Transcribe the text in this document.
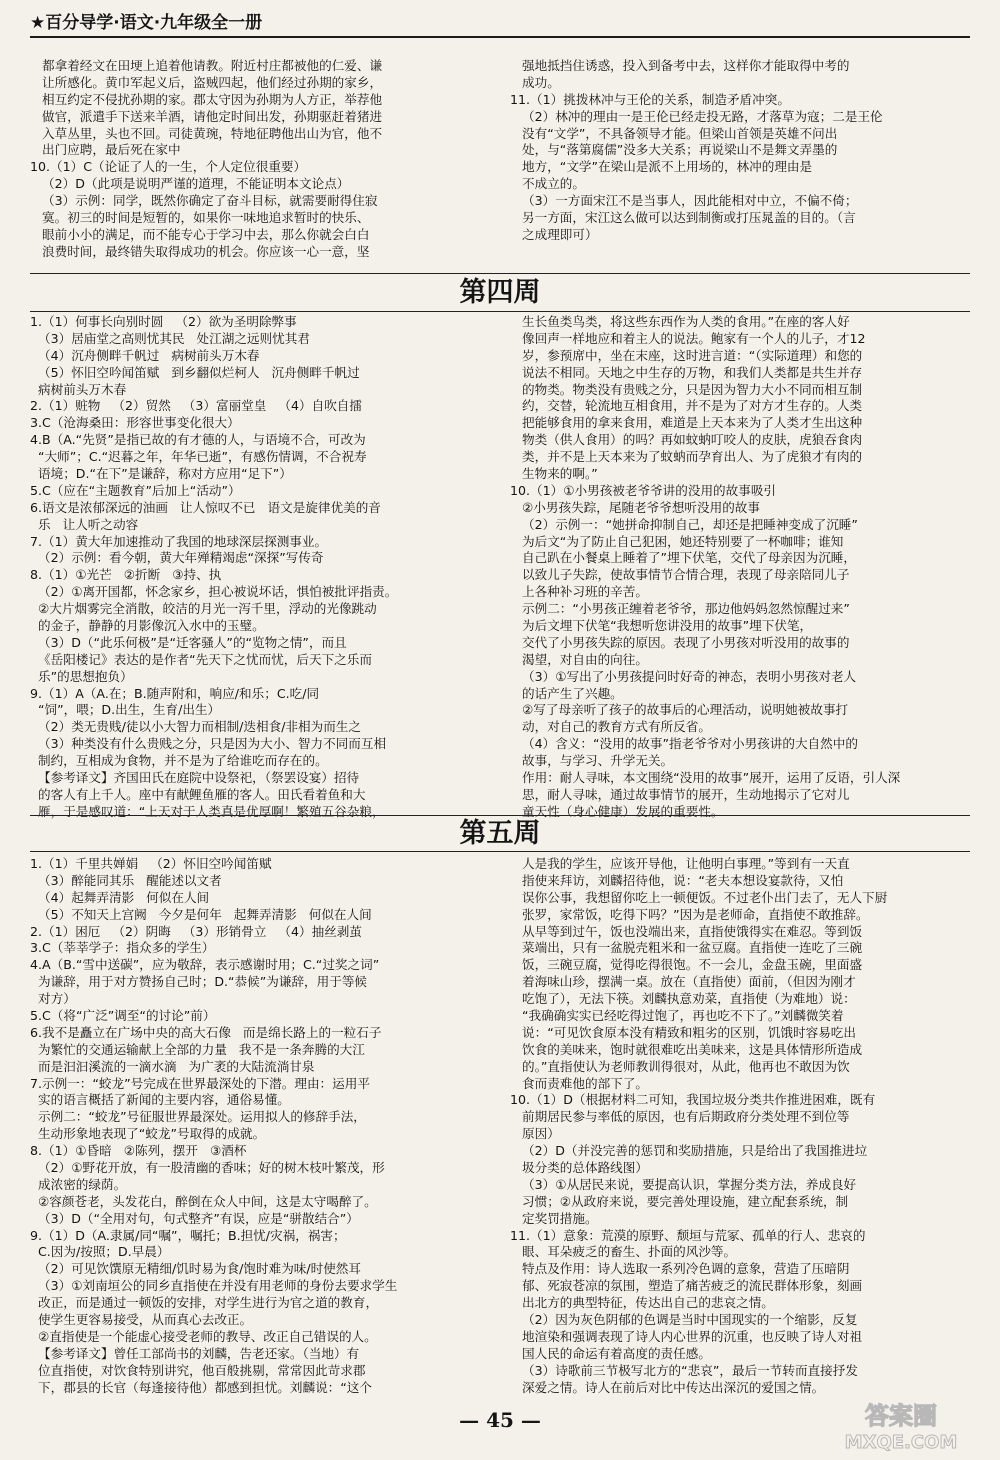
★百分导学·语文·九年级全一册
都拿着经文在田埂上追着他请教。附近村庄都被他的仁爱、谦
让所感化。黄巾军起义后，盗贼四起，他们经过孙期的家乡，
相互约定不侵扰孙期的家。郡太守因为孙期为人方正，举荐他
做官，派遣手下送来羊酒，请他定时间出发，孙期驱赶着猪进
入草丛里，头也不回。司徒黄琬，特地征聘他出山为官，他不
出门应聘，最后死在家中
10.（1）C（论证了人的一生，个人定位很重要）
（2）D（此项是说明严谨的道理，不能证明本文论点）
（3）示例：同学，既然你确定了奋斗目标，就需要耐得住寂
寞。初三的时间是短暂的，如果你一味地追求暂时的快乐、
眼前小小的满足，而不能专心于学习中去，那么你就会白白
浪费时间，最终错失取得成功的机会。你应该一心一意，坚
强地抵挡住诱惑，投入到备考中去，这样你才能取得中考的
成功。
11.（1）挑拨林冲与王伦的关系，制造矛盾冲突。
（2）林冲的理由一是王伦已经走投无路，才落草为寇；二是王伦
没有“文学”，不具备领导才能。但梁山首领是英雄不问出
处，与“落第腐儒”没多大关系；再说梁山不是舞文弄墨的
地方，“文学”在梁山是派不上用场的，林冲的理由是
不成立的。
（3）一方面宋江不是当事人，因此能相对中立，不偏不倚；
另一方面，宋江这么做可以达到制衡或打压晁盖的目的。（言
之成理即可）
第四周
1.（1）何事长向别时圆   （2）欲为圣明除弊事
（3）居庙堂之高则忧其民   处江湖之远则忧其君
（4）沉舟侧畔千帆过   病树前头万木春
（5）怀旧空吟闻笛赋   到乡翻似烂柯人   沉舟侧畔千帆过
病树前头万木春
2.（1）赃物   （2）贸然   （3）富丽堂皇   （4）自吹自擂
3.C（沧海桑田：形容世事变化很大）
4.B（A.“先贤”是指已故的有才德的人，与语境不合，可改为
“大师”；C.“迟暮之年，年华已逝”，有感伤情调，不合祝寿
语境；D.“在下”是谦辞，称对方应用“足下”）
5.C（应在“主题教育”后加上“活动”）
6.语文是浓郁深远的油画   让人惊叹不已   语文是旋律优美的音
乐   让人听之动容
7.（1）黄大年加速推动了我国的地球深层探测事业。
（2）示例：看今朝，黄大年殚精竭虑“深探”写传奇
8.（1）①光芒   ②折断   ③持、执
（2）①离开国都，怀念家乡，担心被说坏话，惧怕被批评指责。
②大片烟雾完全消散，皎洁的月光一泻千里，浮动的光像跳动
的金子，静静的月影像沉入水中的玉璧。
（3）D（“此乐何极”是“迁客骚人”的“览物之情”，而且
《岳阳楼记》表达的是作者“先天下之忧而忧，后天下之乐而
乐”的思想抱负）
9.（1）A（A.在；B.随声附和，响应/和乐；C.吃/同
“饲”，喂；D.出生，生育/出生）
（2）类无贵贱/徒以小大智力而相制/迭相食/非相为而生之
（3）种类没有什么贵贱之分，只是因为大小、智力不同而互相
制约，互相成为食物，并不是为了给谁吃而存在的。
【参考译文】齐国田氏在庭院中设祭祀，（祭罢设宴）招待
的客人有上千人。座中有献鲤鱼雁的客人。田氏看着鱼和大
雁，于是感叹道：“上天对于人类真是优厚啊！繁殖五谷杂粮，
生长鱼类鸟类，将这些东西作为人类的食用。”在座的客人好
像回声一样地应和着主人的说法。鲍家有一个人的儿子，才12
岁，参预席中，坐在末座，这时进言道：“（实际道理）和您的
说法不相同。天地之中生存的万物，和我们人类都是共生并存
的物类。物类没有贵贱之分，只是因为智力大小不同而相互制
约，交替，轮流地互相食用，并不是为了对方才生存的。人类
把能够食用的拿来食用，难道是上天本来为了人类才生出这种
物类（供人食用）的吗？再如蚊蚋叮咬人的皮肤，虎狼吞食肉
类，并不是上天本来为了蚊蚋而孕育出人、为了虎狼才有肉的
生物来的啊。”
10.（1）①小男孩被老爷爷讲的没用的故事吸引
②小男孩失踪，尾随老爷爷想听没用的故事
（2）示例一：“她拼命抑制自己，却还是把睡神变成了沉睡”
为后文“为了防止自己犯困，她还特别要了一杯咖啡；谁知
自己趴在小餐桌上睡着了”埋下伏笔，交代了母亲因为沉睡，
以致儿子失踪，使故事情节合情合理，表现了母亲陪同儿子
上各种补习班的辛苦。
示例二：“小男孩正缠着老爷爷，那边他妈妈忽然惊醒过来”
为后文埋下伏笔“我想听您讲没用的故事”埋下伏笔，
交代了小男孩失踪的原因。表现了小男孩对听没用的故事的
渴望，对自由的向往。
（3）①写出了小男孩提问时好奇的神态，表明小男孩对老人
的话产生了兴趣。
②写了母亲听了孩子的故事后的心理活动，说明她被故事打
动，对自己的教育方式有所反省。
（4）含义：“没用的故事”指老爷爷对小男孩讲的大自然中的
故事，与学习、升学无关。
作用：耐人寻味，本文围绕“没用的故事”展开，运用了反语，引人深
思，耐人寻味，通过故事情节的展开，生动地揭示了它对儿
童天性（身心健康）发展的重要性。
第五周
1.（1）千里共婵娟   （2）怀旧空吟闻笛赋
（3）醉能同其乐   醒能述以文者
（4）起舞弄清影   何似在人间
（5）不知天上宫阙   今夕是何年   起舞弄清影   何似在人间
2.（1）困厄   （2）阴晦   （3）形销骨立   （4）抽丝剥茧
3.C（莘莘学子：指众多的学生）
4.A（B.“雪中送碳”，应为敬辞，表示感谢时用；C.“过奖之词”
为谦辞，用于对方赞扬自己时；D.“恭候”为谦辞，用于等候
对方）
5.C（将“广泛”调至“的讨论”前）
6.我不是矗立在广场中央的高大石像   而是绵长路上的一粒石子
为繁忙的交通运输献上全部的力量   我不是一条奔腾的大江
而是汩汩溪流的一滴水滴   为广袤的大陆流淌甘泉
7.示例一：“蛟龙”号完成在世界最深处的下潜。理由：运用平
实的语言概括了新闻的主要内容，通俗易懂。
示例二：“蛟龙”号征服世界最深处。运用拟人的修辞手法，
生动形象地表现了“蛟龙”号取得的成就。
8.（1）①昏暗   ②陈列，摆开   ③酒杯
（2）①野花开放，有一股清幽的香味；好的树木枝叶繁茂，形
成浓密的绿荫。
②容颜苍老，头发花白，醉倒在众人中间，这是太守喝醉了。
（3）D（“全用对句，句式整齐”有误，应是“骈散结合”）
9.（1）D（A.隶属/同“嘱”，嘱托；B.担忧/灾祸，祸害；
C.因为/按照；D.早晨）
（2）可见饮馔原无精细/饥时易为食/饱时难为味/时使然耳
（3）①刘南垣公的同乡直指使在并没有用老师的身份去要求学生
改正，而是通过一顿饭的安排，对学生进行为官之道的教育，
使学生更容易接受，从而真心去改正。
②直指使是一个能虚心接受老师的教导、改正自己错误的人。
【参考译文】曾任工部尚书的刘麟，告老还家。（当地）有
位直指使，对饮食特别讲究，他百般挑剔，常常因此苛求郡
下，郡县的长官（每逢接待他）都感到担忧。刘麟说：“这个
人是我的学生，应该开导他，让他明白事理。”等到有一天直
指使来拜访，刘麟招待他，说：“老夫本想设宴款待，又怕
误你公事，我想留你吃上一顿便饭。不过老仆出门去了，无人下厨
张罗，家常饭，吃得下吗？”因为是老师命，直指使不敢推辞。
从早等到过午，饭也没端出来，直指使饿得实在难忍。等到饭
菜端出，只有一盆脱壳粗米和一盆豆腐。直指使一连吃了三碗
饭，三碗豆腐，觉得吃得很饱。不一会儿，金盘玉碗，里面盛
着海味山珍，摆满一桌。放在（直指使）面前，（但因为刚才
吃饱了），无法下筷。刘麟执意劝菜，直指使（为难地）说：
“我确确实实已经吃得过饱了，再也吃不下了。”刘麟微笑着
说：“可见饮食原本没有精致和粗劣的区别，饥饿时容易吃出
饮食的美味来，饱时就很难吃出美味来，这是具体情形所造成
的。”直指使认为老师教训得很对，从此，他再也不敢因为饮
食而责难他的部下了。
10.（1）D（根据材料二可知，我国垃圾分类共作推进困难，既有
前期居民参与率低的原因，也有后期政府分类处理不到位等
原因）
（2）D（并没完善的惩罚和奖励措施，只是给出了我国推进垃
圾分类的总体路线图）
（3）①从居民来说，要提高认识，掌握分类方法，养成良好
习惯；②从政府来说，要完善处理设施，建立配套系统，制
定奖罚措施。
11.（1）意象：荒漠的原野、颓垣与荒冢、孤单的行人、悲哀的
眼、耳朵疲乏的畜生、扑面的风沙等。
特点及作用：诗人选取一系列冷色调的意象，营造了压暗阴
郁、死寂苍凉的氛围，塑造了痛苦疲乏的流民群体形象，刻画
出北方的典型特征，传达出自己的悲哀之情。
（2）因为灰色阴郁的色调是当时中国现实的一个缩影，反复
地渲染和强调表现了诗人内心世界的沉重，也反映了诗人对祖
国人民的命运有着高度的责任感。
（3）诗歌前三节极写北方的“悲哀”，最后一节转而直接抒发
深爱之情。诗人在前后对比中传达出深沉的爱国之情。
— 45 —	答案圈
MXQE.COM
